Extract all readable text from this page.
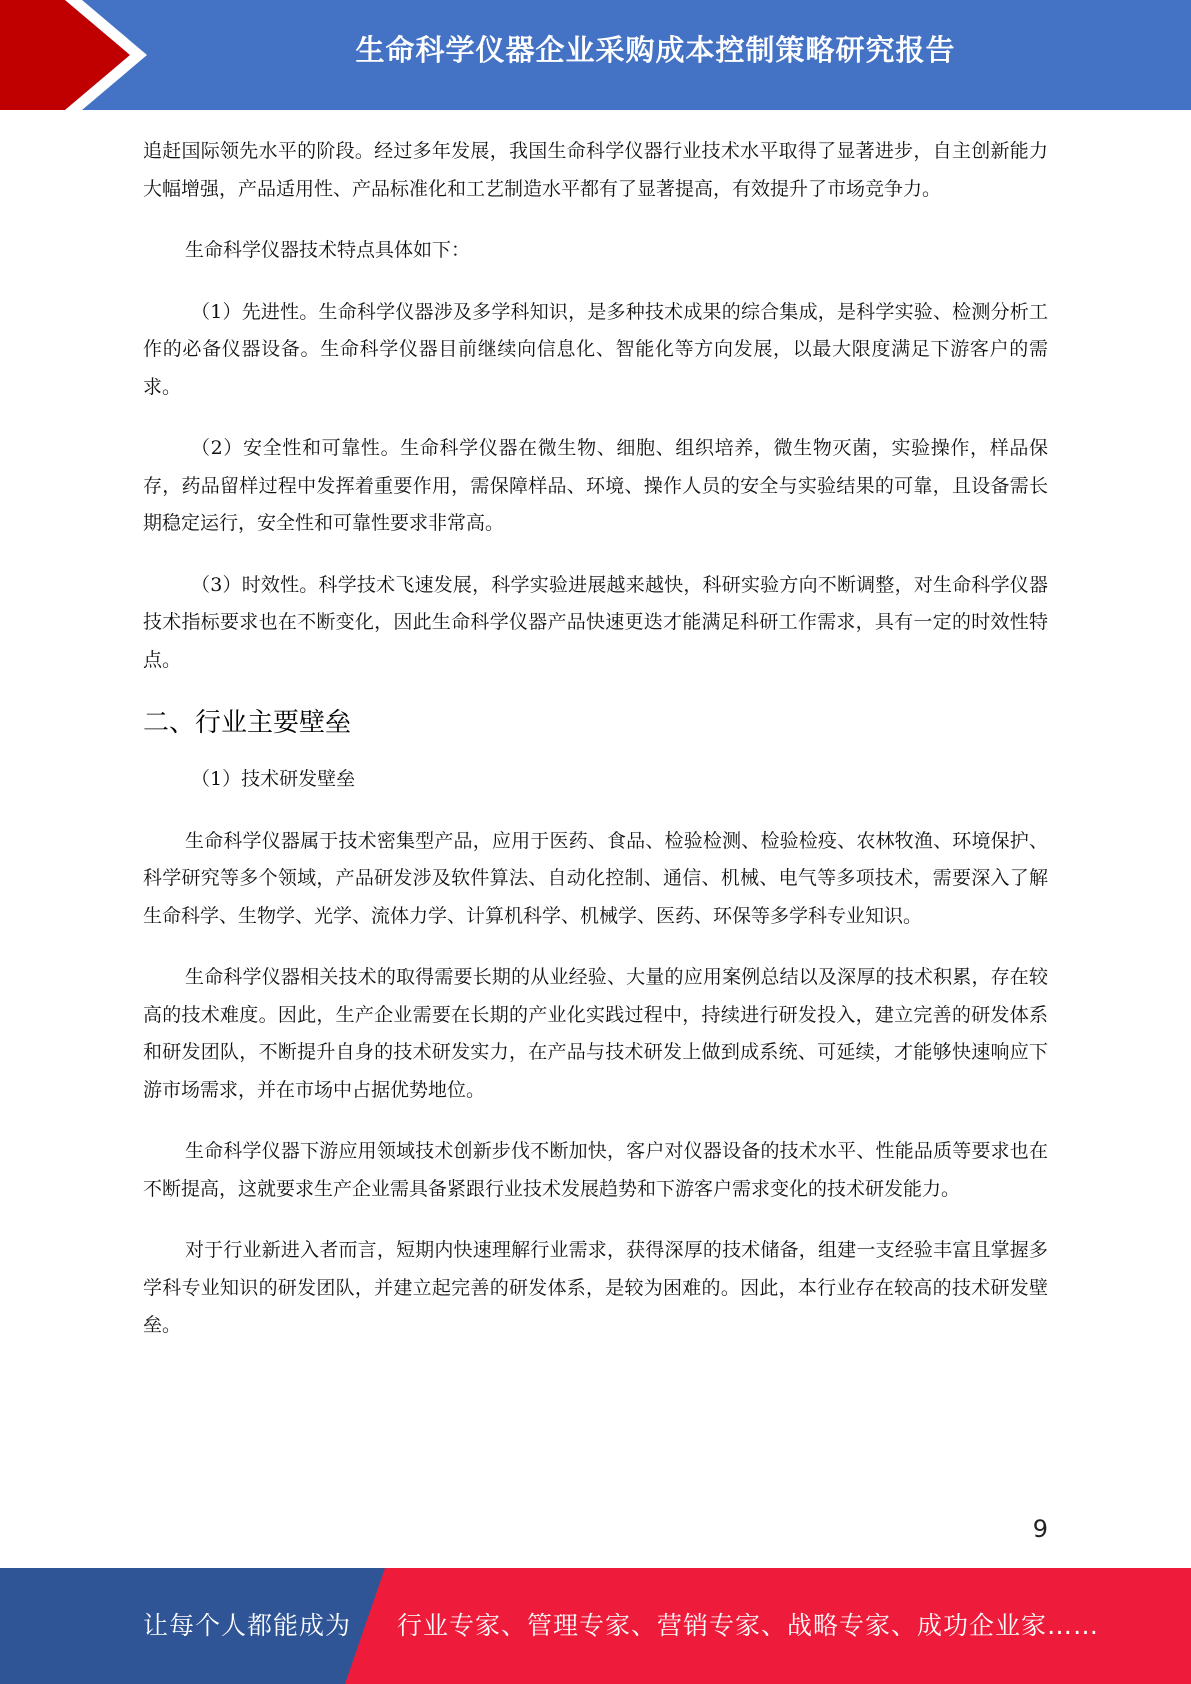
生命科学仪器企业采购成本控制策略研究报告

追赶国际领先水平的阶段。经过多年发展，我国生命科学仪器行业技术水平取得了显著进步，自主创新能力大幅增强，产品适用性、产品标准化和工艺制造水平都有了显著提高，有效提升了市场竞争力。

生命科学仪器技术特点具体如下：

（1）先进性。生命科学仪器涉及多学科知识，是多种技术成果的综合集成，是科学实验、检测分析工作的必备仪器设备。生命科学仪器目前继续向信息化、智能化等方向发展，以最大限度满足下游客户的需求。

（2）安全性和可靠性。生命科学仪器在微生物、细胞、组织培养，微生物灭菌，实验操作，样品保存，药品留样过程中发挥着重要作用，需保障样品、环境、操作人员的安全与实验结果的可靠，且设备需长期稳定运行，安全性和可靠性要求非常高。

（3）时效性。科学技术飞速发展，科学实验进展越来越快，科研实验方向不断调整，对生命科学仪器技术指标要求也在不断变化，因此生命科学仪器产品快速更迭才能满足科研工作需求，具有一定的时效性特点。

二、行业主要壁垒

（1）技术研发壁垒

生命科学仪器属于技术密集型产品，应用于医药、食品、检验检测、检验检疫、农林牧渔、环境保护、科学研究等多个领域，产品研发涉及软件算法、自动化控制、通信、机械、电气等多项技术，需要深入了解生命科学、生物学、光学、流体力学、计算机科学、机械学、医药、环保等多学科专业知识。

生命科学仪器相关技术的取得需要长期的从业经验、大量的应用案例总结以及深厚的技术积累，存在较高的技术难度。因此，生产企业需要在长期的产业化实践过程中，持续进行研发投入，建立完善的研发体系和研发团队，不断提升自身的技术研发实力，在产品与技术研发上做到成系统、可延续，才能够快速响应下游市场需求，并在市场中占据优势地位。

生命科学仪器下游应用领域技术创新步伐不断加快，客户对仪器设备的技术水平、性能品质等要求也在不断提高，这就要求生产企业需具备紧跟行业技术发展趋势和下游客户需求变化的技术研发能力。

对于行业新进入者而言，短期内快速理解行业需求，获得深厚的技术储备，组建一支经验丰富且掌握多学科专业知识的研发团队，并建立起完善的研发体系，是较为困难的。因此，本行业存在较高的技术研发壁垒。

9
让每个人都能成为 行业专家、管理专家、营销专家、战略专家、成功企业家……
